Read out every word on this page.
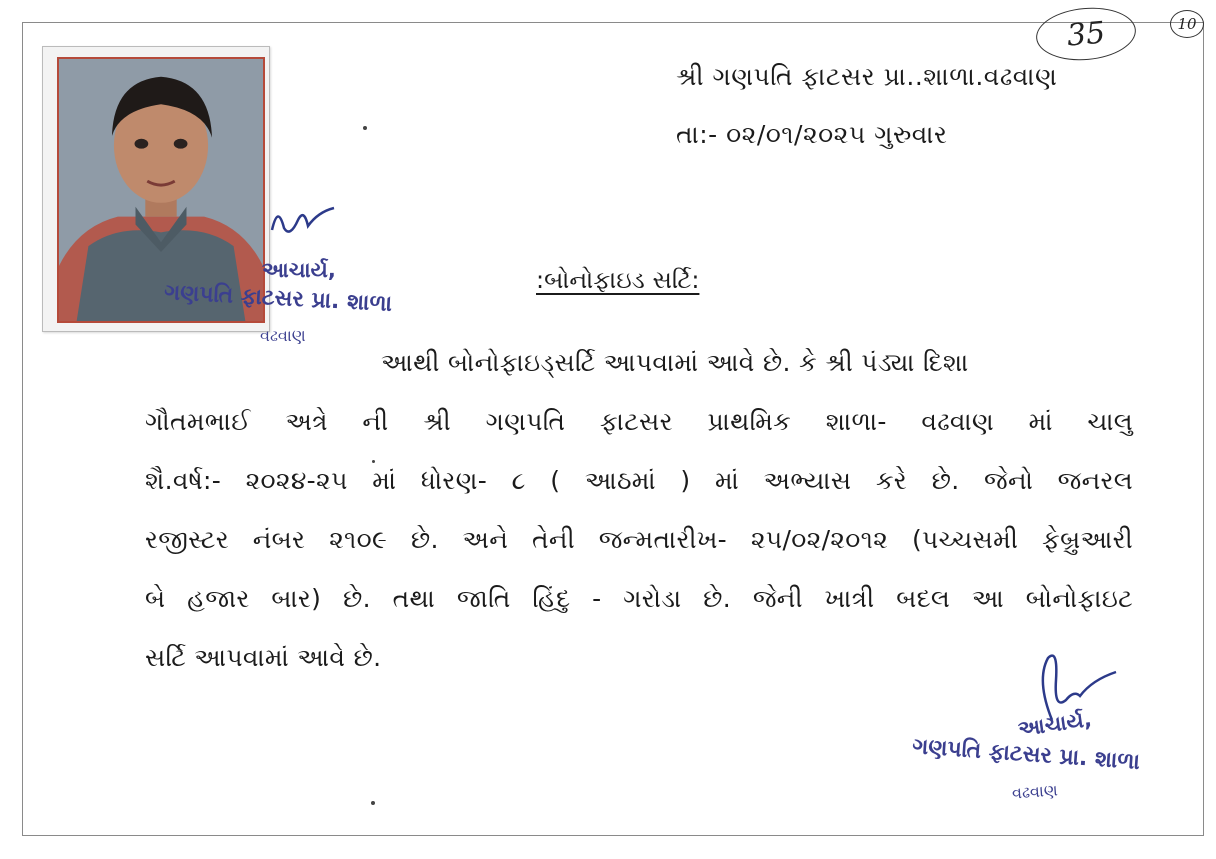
35	10
શ્રી ગણપતિ ફાટસર પ્રા..શાળા.વઢવાણ
તા:- ૦૨/૦૧/૨૦૨૫ ગુરુવાર
આચાર્ય,
ગણપતિ ફાટસર પ્રા. શાળા
વઢવાણ
:બોનોફાઇડ સર્ટિ:
આથી બોનોફાઇડ્સર્ટિ આપવામાં આવે છે. કે શ્રી પંડ્યા દિશા
ગૌતમભાઈ અત્રે ની શ્રી ગણપતિ ફાટસર પ્રાથમિક શાળા- વઢવાણ માં ચાલુ
શૈ.વર્ષ:- ૨૦૨૪-૨૫ માં ધોરણ- ૮ ( આઠમાં ) માં અભ્યાસ કરે છે. જેનો જનરલ
રજીસ્ટર નંબર ૨૧૦૯ છે. અને તેની જન્મતારીખ- ૨૫/૦૨/૨૦૧૨ (પચ્ચસમી ફેબ્રુઆરી
બે હજાર બાર) છે. તથા જાતિ હિંદુ - ગરોડા છે. જેની ખાત્રી બદલ આ બોનોફાઇટ
સર્ટિ આપવામાં આવે છે.
આચાર્ય,
ગણપતિ ફાટસર પ્રા. શાળા
વઢવાણ
